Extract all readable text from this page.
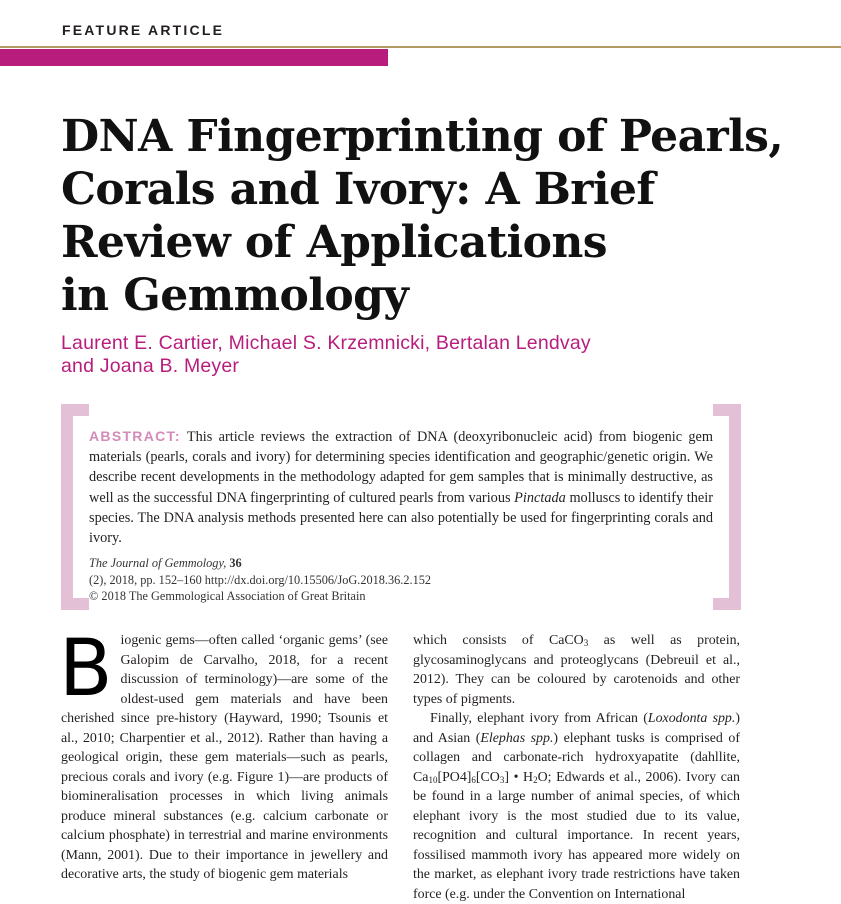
FEATURE ARTICLE
DNA Fingerprinting of Pearls,
Corals and Ivory: A Brief
Review of Applications
in Gemmology
Laurent E. Cartier, Michael S. Krzemnicki, Bertalan Lendvay
and Joana B. Meyer

ABSTRACT: This article reviews the extraction of DNA (deoxyribonucleic acid) from biogenic gem materials (pearls, corals and ivory) for determining species identification and geographic/genetic origin. We describe recent developments in the methodology adapted for gem samples that is minimally destructive, as well as the successful DNA fingerprinting of cultured pearls from various Pinctada molluscs to identify their species. The DNA analysis methods presented here can also potentially be used for fingerprinting corals and ivory.

The Journal of Gemmology, 36
(2), 2018, pp. 152–160 http://dx.doi.org/10.15506/JoG.2018.36.2.152
© 2018 The Gemmological Association of Great Britain

Biogenic gems—often called ‘organic gems’ (see Galopim de Carvalho, 2018, for a recent discussion of terminology)—are some of the oldest-used gem materials and have been cherished since pre-history (Hayward, 1990; Tsounis et al., 2010; Charpentier et al., 2012). Rather than having a geological origin, these gem materials—such as pearls, precious corals and ivory (e.g. Figure 1)—are products of biomineralisation processes in which living animals produce mineral substances (e.g. calcium carbonate or calcium phosphate) in terrestrial and marine environments (Mann, 2001). Due to their importance in jewellery and decorative arts, the study of biogenic gem materials

which consists of CaCO$_3$ as well as protein, glycosaminoglycans and proteoglycans (Debreuil et al., 2012). They can be coloured by carotenoids and other types of pigments.

Finally, elephant ivory from African (Loxodonta spp.) and Asian (Elephas spp.) elephant tusks is comprised of collagen and carbonate-rich hydroxyapatite (dahllite, $Ca_{10}[PO4]_6[CO_3]$ • $H_2O$; Edwards et al., 2006). Ivory can be found in a large number of animal species, of which elephant ivory is the most studied due to its value, recognition and cultural importance. In recent years, fossilised mammoth ivory has appeared more widely on the market, as elephant ivory trade restrictions have taken force (e.g. under the Convention on International
